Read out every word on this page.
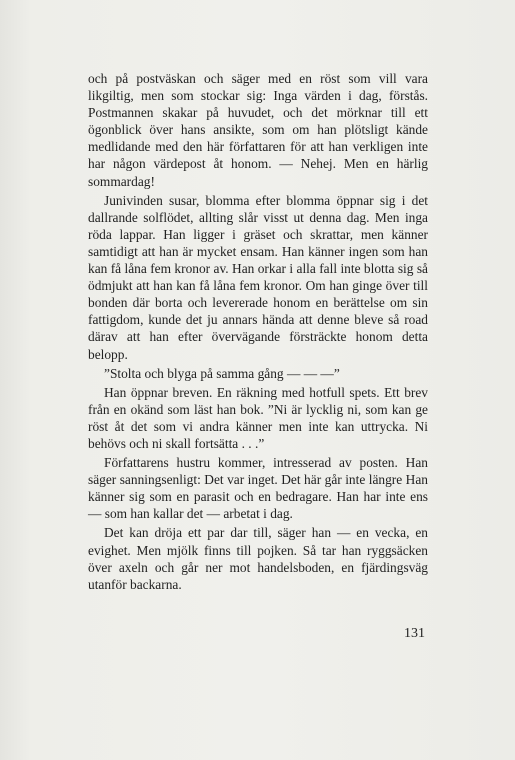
och på postväskan och säger med en röst som vill vara likgiltig, men som stockar sig: Inga värden i dag, förstås. Postmannen skakar på huvudet, och det mörknar till ett ögonblick över hans ansikte, som om han plötsligt kände medlidande med den här författaren för att han verkligen inte har någon värdepost åt honom. — Nehej. Men en härlig sommardag!

Junivinden susar, blomma efter blomma öppnar sig i det dallrande solflödet, allting slår visst ut denna dag. Men inga röda lappar. Han ligger i gräset och skrattar, men känner samtidigt att han är mycket ensam. Han känner ingen som han kan få låna fem kronor av. Han orkar i alla fall inte blotta sig så ödmjukt att han kan få låna fem kronor. Om han ginge över till bonden där borta och levererade honom en berättelse om sin fattigdom, kunde det ju annars hända att denne bleve så road därav att han efter övervägande försträckte honom detta belopp.

”Stolta och blyga på samma gång — — —”

Han öppnar breven. En räkning med hotfull spets. Ett brev från en okänd som läst han bok. ”Ni är lycklig ni, som kan ge röst åt det som vi andra känner men inte kan uttrycka. Ni behövs och ni skall fortsätta . . .”

Författarens hustru kommer, intresserad av posten. Han säger sanningsenligt: Det var inget. Det här går inte längre Han känner sig som en parasit och en bedragare. Han har inte ens — som han kallar det — arbetat i dag.

Det kan dröja ett par dar till, säger han — en vecka, en evighet. Men mjölk finns till pojken. Så tar han ryggsäcken över axeln och går ner mot handelsboden, en fjärdingsväg utanför backarna.

131
